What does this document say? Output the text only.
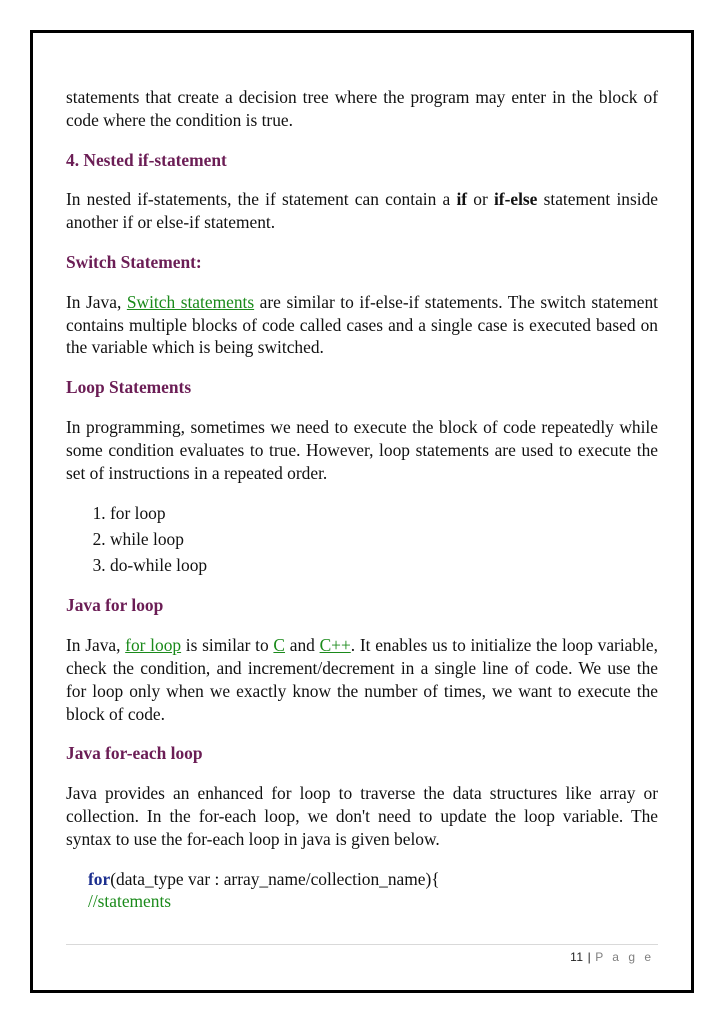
statements that create a decision tree where the program may enter in the block of code where the condition is true.

4. Nested if-statement

In nested if-statements, the if statement can contain a if or if-else statement inside another if or else-if statement.

Switch Statement:

In Java, Switch statements are similar to if-else-if statements. The switch statement contains multiple blocks of code called cases and a single case is executed based on the variable which is being switched.

Loop Statements

In programming, sometimes we need to execute the block of code repeatedly while some condition evaluates to true. However, loop statements are used to execute the set of instructions in a repeated order.

1. for loop
2. while loop
3. do-while loop
Java for loop

In Java, for loop is similar to C and C++. It enables us to initialize the loop variable, check the condition, and increment/decrement in a single line of code. We use the for loop only when we exactly know the number of times, we want to execute the block of code.

Java for-each loop

Java provides an enhanced for loop to traverse the data structures like array or collection. In the for-each loop, we don't need to update the loop variable. The syntax to use the for-each loop in java is given below.

for(data_type var : array_name/collection_name){
//statements
11 | P a g e
